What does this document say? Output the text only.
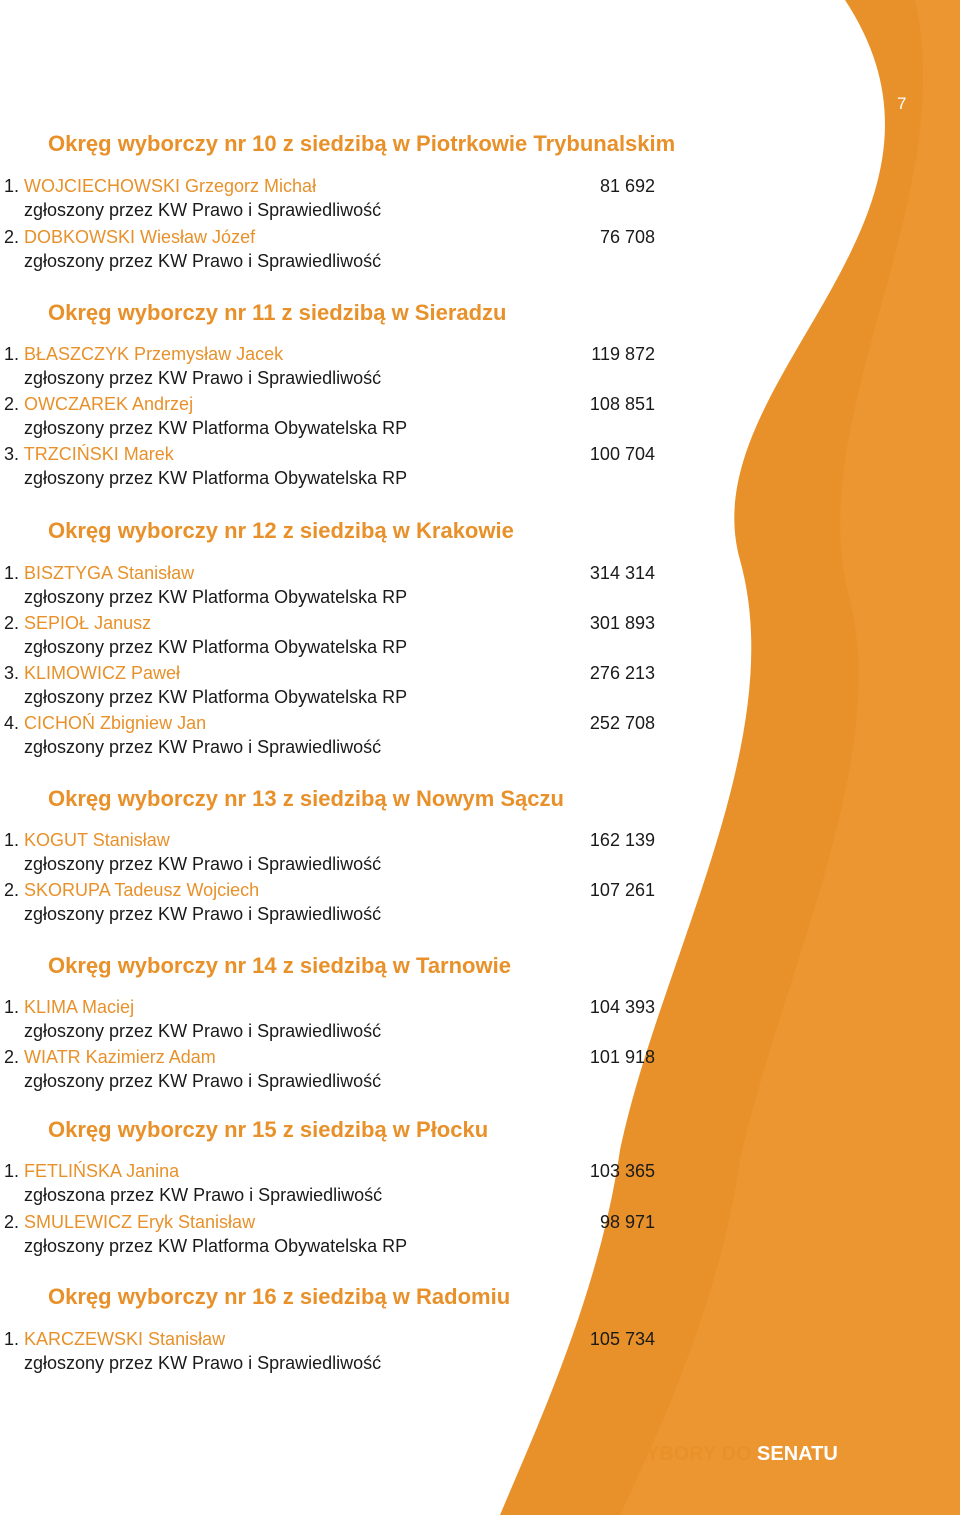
7
Okręg wyborczy nr 10 z siedzibą w Piotrkowie Trybunalskim
1. WOJCIECHOWSKI Grzegorz Michał	81 692
zgłoszony przez KW Prawo i Sprawiedliwość
2. DOBKOWSKI Wiesław Józef	76 708
zgłoszony przez KW Prawo i Sprawiedliwość
Okręg wyborczy nr 11 z siedzibą w Sieradzu
1. BŁASZCZYK Przemysław Jacek	119 872
zgłoszony przez KW Prawo i Sprawiedliwość
2. OWCZAREK Andrzej	108 851
zgłoszony przez KW Platforma Obywatelska RP
3. TRZCIŃSKI Marek	100 704
zgłoszony przez KW Platforma Obywatelska RP
Okręg wyborczy nr 12 z siedzibą w Krakowie
1. BISZTYGA Stanisław	314 314
zgłoszony przez KW Platforma Obywatelska RP
2. SEPIOŁ Janusz	301 893
zgłoszony przez KW Platforma Obywatelska RP
3. KLIMOWICZ Paweł	276 213
zgłoszony przez KW Platforma Obywatelska RP
4. CICHOŃ Zbigniew Jan	252 708
zgłoszony przez KW Prawo i Sprawiedliwość
Okręg wyborczy nr 13 z siedzibą w Nowym Sączu
1. KOGUT Stanisław	162 139
zgłoszony przez KW Prawo i Sprawiedliwość
2. SKORUPA Tadeusz Wojciech	107 261
zgłoszony przez KW Prawo i Sprawiedliwość
Okręg wyborczy nr 14 z siedzibą w Tarnowie
1. KLIMA Maciej	104 393
zgłoszony przez KW Prawo i Sprawiedliwość
2. WIATR Kazimierz Adam	101 918
zgłoszony przez KW Prawo i Sprawiedliwość
Okręg wyborczy nr 15 z siedzibą w Płocku
1. FETLIŃSKA Janina	103 365
zgłoszona przez KW Prawo i Sprawiedliwość
2. SMULEWICZ Eryk Stanisław	98 971
zgłoszony przez KW Platforma Obywatelska RP
Okręg wyborczy nr 16 z siedzibą w Radomiu
1. KARCZEWSKI Stanisław	105 734
zgłoszony przez KW Prawo i Sprawiedliwość
WYBORY DO SENATU
